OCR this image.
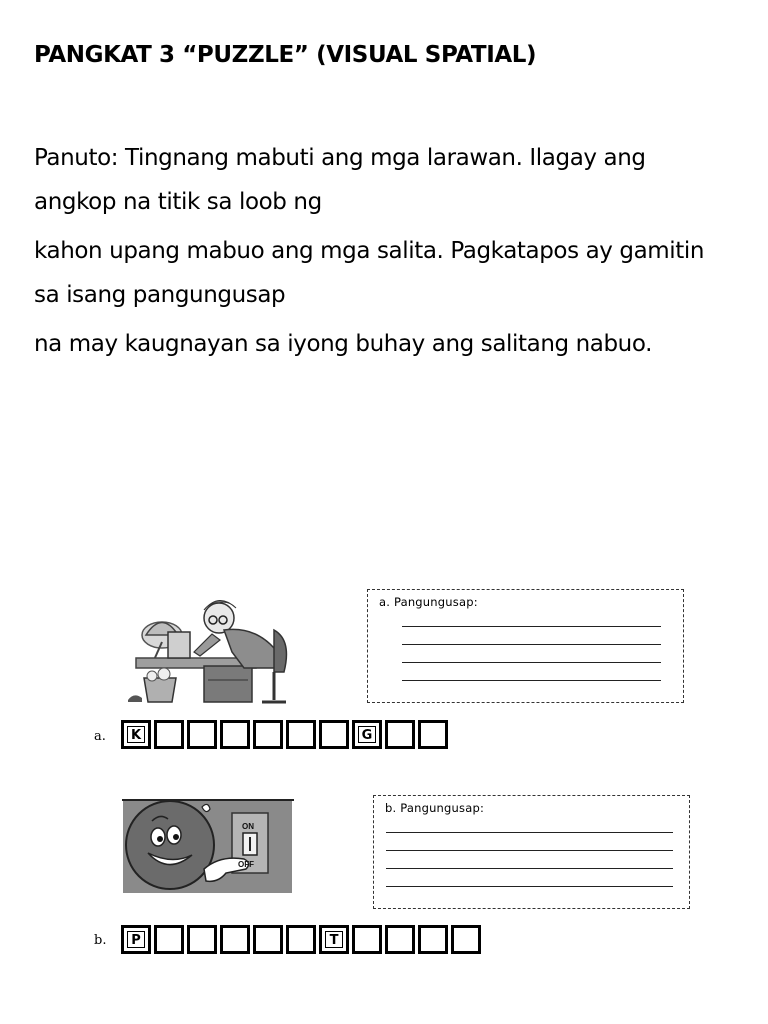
PANGKAT 3 “PUZZLE” (VISUAL SPATIAL)

Panuto: Tingnang mabuti ang mga larawan. Ilagay ang angkop na titik sa loob ng

kahon upang mabuo ang mga salita. Pagkatapos ay gamitin sa isang pangungusap

na may kaugnayan sa iyong buhay ang salitang nabuo.

a. Pangungusap:
a.	K	G
ON
OFF
b. Pangungusap:
b.	P	T
